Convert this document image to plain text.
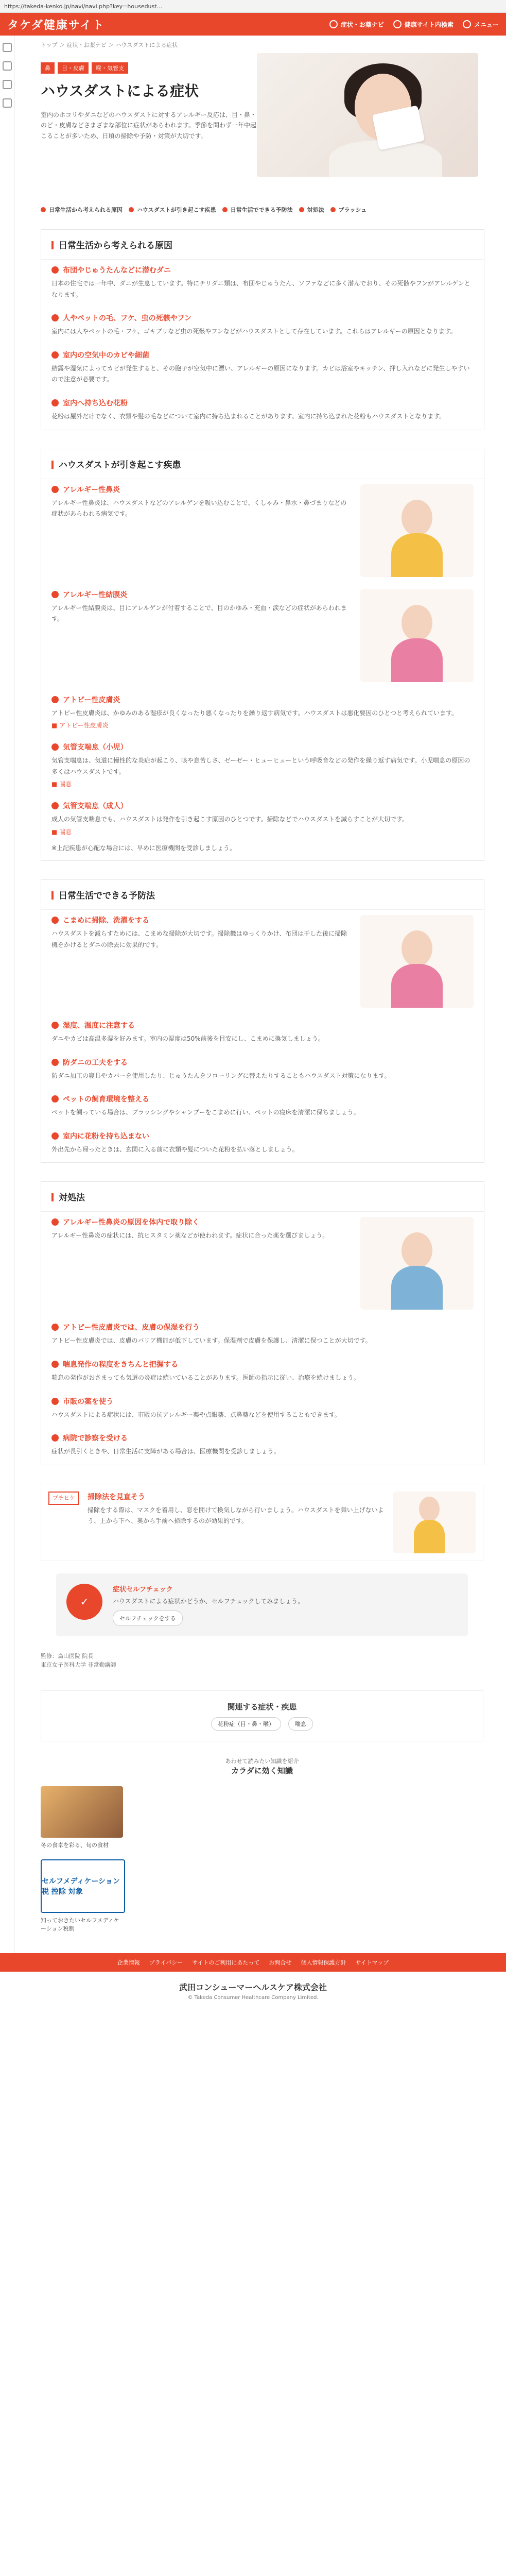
https://takeda-kenko.jp/navi/navi.php?key=housedust...
タケダ健康サイト	症状・お薬ナビ	健康サイト内検索	メニュー
トップ ＞ 症状・お薬ナビ ＞ ハウスダストによる症状
鼻	目・皮膚	喉・気管支
ハウスダストによる症状

室内のホコリやダニなどのハウスダストに対するアレルギー反応は、目・鼻・のど・皮膚などさまざまな部位に症状があらわれます。季節を問わず一年中起こることが多いため、日頃の掃除や予防・対策が大切です。

日常生活から考えられる原因	ハウスダストが引き起こす疾患	日常生活でできる予防法	対処法	ブラッシュ
日常生活から考えられる原因
布団やじゅうたんなどに潜むダニ

日本の住宅では一年中、ダニが生息しています。特にチリダニ類は、布団やじゅうたん、ソファなどに多く潜んでおり、その死骸やフンがアレルゲンとなります。

人やペットの毛、フケ、虫の死骸やフン

室内には人やペットの毛・フケ、ゴキブリなど虫の死骸やフンなどがハウスダストとして存在しています。これらはアレルギーの原因となります。

室内の空気中のカビや細菌

結露や湿気によってカビが発生すると、その胞子が空気中に漂い、アレルギーの原因になります。カビは浴室やキッチン、押し入れなどに発生しやすいので注意が必要です。

室内へ持ち込む花粉

花粉は屋外だけでなく、衣類や髪の毛などについて室内に持ち込まれることがあります。室内に持ち込まれた花粉もハウスダストとなります。

ハウスダストが引き起こす疾患
アレルギー性鼻炎

アレルギー性鼻炎は、ハウスダストなどのアレルゲンを吸い込むことで、くしゃみ・鼻水・鼻づまりなどの症状があらわれる病気です。

アレルギー性結膜炎

アレルギー性結膜炎は、目にアレルゲンが付着することで、目のかゆみ・充血・涙などの症状があらわれます。

アトピー性皮膚炎

アトピー性皮膚炎は、かゆみのある湿疹が良くなったり悪くなったりを繰り返す病気です。ハウスダストは悪化要因のひとつと考えられています。

■ アトピー性皮膚炎
気管支喘息（小児）

気管支喘息は、気道に慢性的な炎症が起こり、咳や息苦しさ、ゼーゼー・ヒューヒューという呼吸音などの発作を繰り返す病気です。小児喘息の原因の多くはハウスダストです。

■ 喘息
気管支喘息（成人）

成人の気管支喘息でも、ハウスダストは発作を引き起こす原因のひとつです。掃除などでハウスダストを減らすことが大切です。

■ 喘息
※上記疾患が心配な場合には、早めに医療機関を受診しましょう。
日常生活でできる予防法
こまめに掃除、洗濯をする

ハウスダストを減らすためには、こまめな掃除が大切です。掃除機はゆっくりかけ、布団は干した後に掃除機をかけるとダニの除去に効果的です。

湿度、温度に注意する

ダニやカビは高温多湿を好みます。室内の湿度は50%前後を目安にし、こまめに換気しましょう。

防ダニの工夫をする

防ダニ加工の寝具やカバーを使用したり、じゅうたんをフローリングに替えたりすることもハウスダスト対策になります。

ペットの飼育環境を整える

ペットを飼っている場合は、ブラッシングやシャンプーをこまめに行い、ペットの寝床を清潔に保ちましょう。

室内に花粉を持ち込まない

外出先から帰ったときは、玄関に入る前に衣類や髪についた花粉を払い落としましょう。

対処法
アレルギー性鼻炎の原因を体内で取り除く

アレルギー性鼻炎の症状には、抗ヒスタミン薬などが使われます。症状に合った薬を選びましょう。

アトピー性皮膚炎では、皮膚の保湿を行う

アトピー性皮膚炎では、皮膚のバリア機能が低下しています。保湿剤で皮膚を保護し、清潔に保つことが大切です。

喘息発作の程度をきちんと把握する

喘息の発作がおさまっても気道の炎症は続いていることがあります。医師の指示に従い、治療を続けましょう。

市販の薬を使う

ハウスダストによる症状には、市販の抗アレルギー薬や点眼薬、点鼻薬などを使用することもできます。

病院で診察を受ける

症状が長引くときや、日常生活に支障がある場合は、医療機関を受診しましょう。

プチヒケ	掃除法を見直そう

掃除をする際は、マスクを着用し、窓を開けて換気しながら行いましょう。ハウスダストを舞い上げないよう、上から下へ、奥から手前へ掃除するのが効果的です。

✓
症状セルフチェック

ハウスダストによる症状かどうか、セルフチェックしてみましょう。

セルフチェックをする
監修：鳥山医院 院長
東京女子医科大学 非常勤講師
関連する症状・疾患
花粉症（目・鼻・喉）	喘息
あわせて読みたい知識を紹介
カラダに効く知識
冬の食卓を彩る、旬の食材
セルフメディケーション 税 控除 対象
知っておきたいセルフメディケーション税制
企業情報 プライバシー サイトのご利用にあたって お問合せ 個人情報保護方針 サイトマップ
武田コンシューマーヘルスケア株式会社
© Takeda Consumer Healthcare Company Limited.
